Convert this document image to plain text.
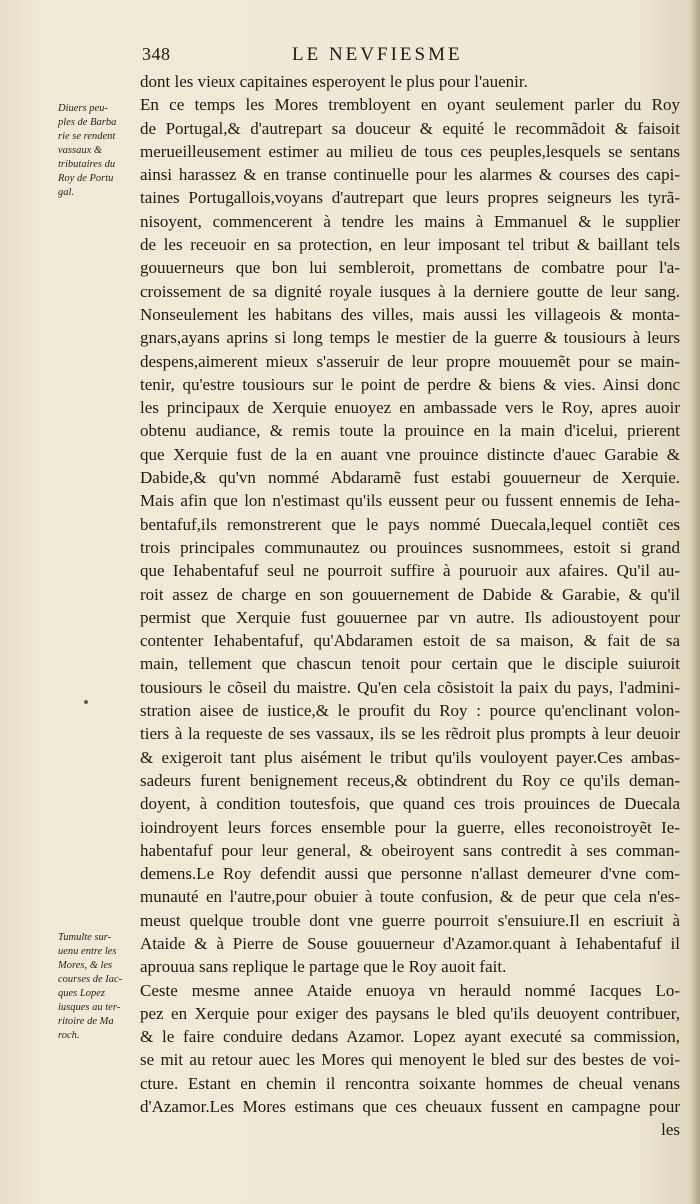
348	LE NEVFIESME
Diuers peu-
ples de Barba
rie se rendent
vassaux &
tributaires du
Roy de Portu
gal.
Tumulte sur-
uenu entre les
Mores, & les
courses de Iac-
ques Lopez
iusques au ter-
ritoire de Ma
roch.
dont les vieux capitaines esperoyent le plus pour l'auenir.
En ce temps les Mores trembloyent en oyant seulement parler du Roy
de Portugal,& d'autrepart sa douceur & equité le recommãdoit & faisoit
merueilleusement estimer au milieu de tous ces peuples,lesquels se sentans
ainsi harassez & en transe continuelle pour les alarmes & courses des capi-
taines Portugallois,voyans d'autrepart que leurs propres seigneurs les tyrã-
nisoyent, commencerent à tendre les mains à Emmanuel & le supplier
de les receuoir en sa protection, en leur imposant tel tribut & baillant tels
gouuerneurs que bon lui sembleroit, promettans de combatre pour l'a-
croissement de sa dignité royale iusques à la derniere goutte de leur sang.
Nonseulement les habitans des villes, mais aussi les villageois & monta-
gnars,ayans aprins si long temps le mestier de la guerre & tousiours à leurs
despens,aimerent mieux s'asseruir de leur propre mouuemẽt pour se main-
tenir, qu'estre tousiours sur le point de perdre & biens & vies. Ainsi donc
les principaux de Xerquie enuoyez en ambassade vers le Roy, apres auoir
obtenu audiance, & remis toute la prouince en la main d'icelui, prierent
que Xerquie fust de la en auant vne prouince distincte d'auec Garabie &
Dabide,& qu'vn nommé Abdaramẽ fust estabi gouuerneur de Xerquie.
Mais afin que lon n'estimast qu'ils eussent peur ou fussent ennemis de Ieha-
bentafuf,ils remonstrerent que le pays nommé Duecala,lequel contiẽt ces
trois principales communautez ou prouinces susnommees, estoit si grand
que Iehabentafuf seul ne pourroit suffire à pouruoir aux afaires. Qu'il au-
roit assez de charge en son gouuernement de Dabide & Garabie, & qu'il
permist que Xerquie fust gouuernee par vn autre. Ils adioustoyent pour
contenter Iehabentafuf, qu'Abdaramen estoit de sa maison, & fait de sa
main, tellement que chascun tenoit pour certain que le disciple suiuroit
tousiours le cõseil du maistre. Qu'en cela cõsistoit la paix du pays, l'admini-
stration aisee de iustice,& le proufit du Roy : pource qu'enclinant volon-
tiers à la requeste de ses vassaux, ils se les rẽdroit plus prompts à leur deuoir
& exigeroit tant plus aisément le tribut qu'ils vouloyent payer.Ces ambas-
sadeurs furent benignement receus,& obtindrent du Roy ce qu'ils deman-
doyent, à condition toutesfois, que quand ces trois prouinces de Duecala
ioindroyent leurs forces ensemble pour la guerre, elles reconoistroyẽt Ie-
habentafuf pour leur general, & obeiroyent sans contredit à ses comman-
demens.Le Roy defendit aussi que personne n'allast demeurer d'vne com-
munauté en l'autre,pour obuier à toute confusion, & de peur que cela n'es-
meust quelque trouble dont vne guerre pourroit s'ensuiure.Il en escriuit à
Ataide & à Pierre de Souse gouuerneur d'Azamor.quant à Iehabentafuf il
aprouua sans replique le partage que le Roy auoit fait.
Ceste mesme annee Ataide enuoya vn herauld nommé Iacques Lo-
pez en Xerquie pour exiger des paysans le bled qu'ils deuoyent contribuer,
& le faire conduire dedans Azamor. Lopez ayant executé sa commission,
se mit au retour auec les Mores qui menoyent le bled sur des bestes de voi-
cture. Estant en chemin il rencontra soixante hommes de cheual venans
d'Azamor.Les Mores estimans que ces cheuaux fussent en campagne pour
les
